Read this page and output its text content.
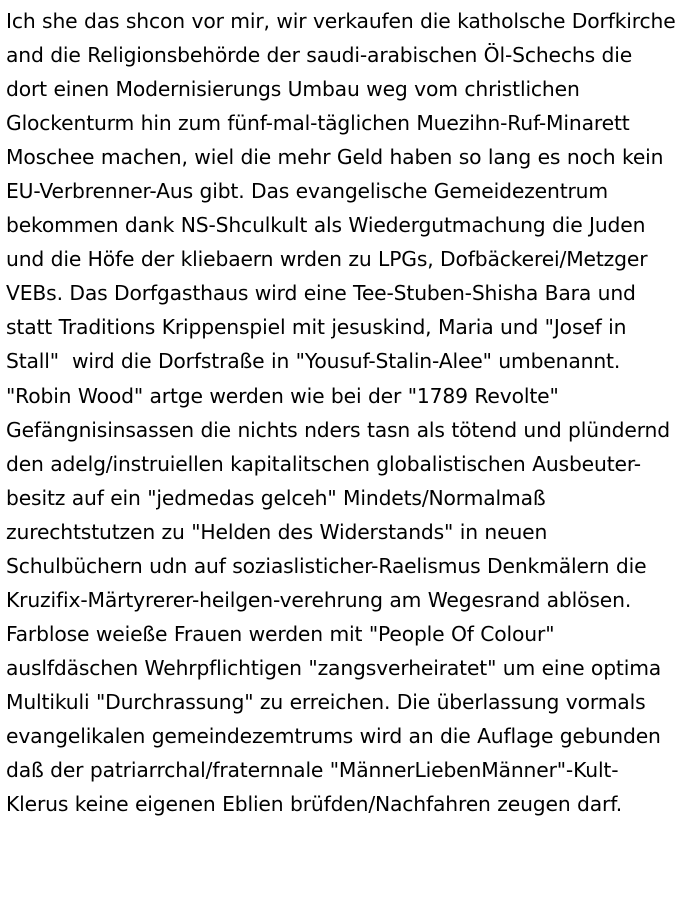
Ich she das shcon vor mir, wir verkaufen die katholsche Dorfkirche and die Religionsbehörde der saudi-arabischen Öl-Schechs die dort einen Modernisierungs Umbau weg vom christlichen Glockenturm hin zum fünf-mal-täglichen Muezihn-Ruf-Minarett Moschee machen, wiel die mehr Geld haben so lang es noch kein EU-Verbrenner-Aus gibt. Das evangelische Gemeidezentrum bekommen dank NS-Shculkult als Wiedergutmachung die Juden und die Höfe der kliebaern wrden zu LPGs, Dofbäckerei/Metzger VEBs. Das Dorfgasthaus wird eine Tee-Stuben-Shisha Bara und statt Traditions Krippenspiel mit jesuskind, Maria und "Josef in Stall"  wird die Dorfstraße in "Yousuf-Stalin-Alee" umbenannt. "Robin Wood" artge werden wie bei der "1789 Revolte" Gefängnisinsassen die nichts nders tasn als tötend und plündernd den adelg/instruiellen kapitalitschen globalistischen Ausbeuter-besitz auf ein "jedmedas gelceh" Mindets/Normalmaß zurechtstutzen zu "Helden des Widerstands" in neuen Schulbüchern udn auf soziaslisticher-Raelismus Denkmälern die Kruzifix-Märtyrerer-heilgen-verehrung am Wegesrand ablösen. Farblose weieße Frauen werden mit "People Of Colour" auslfdäschen Wehrpflichtigen "zangsverheiratet" um eine optima Multikuli "Durchrassung" zu erreichen. Die überlassung vormals evangelikalen gemeindezemtrums wird an die Auflage gebunden daß der patriarrchal/fraternnale "MännerLiebenMänner"-Kult-Klerus keine eigenen Eblien brüfden/Nachfahren zeugen darf.
